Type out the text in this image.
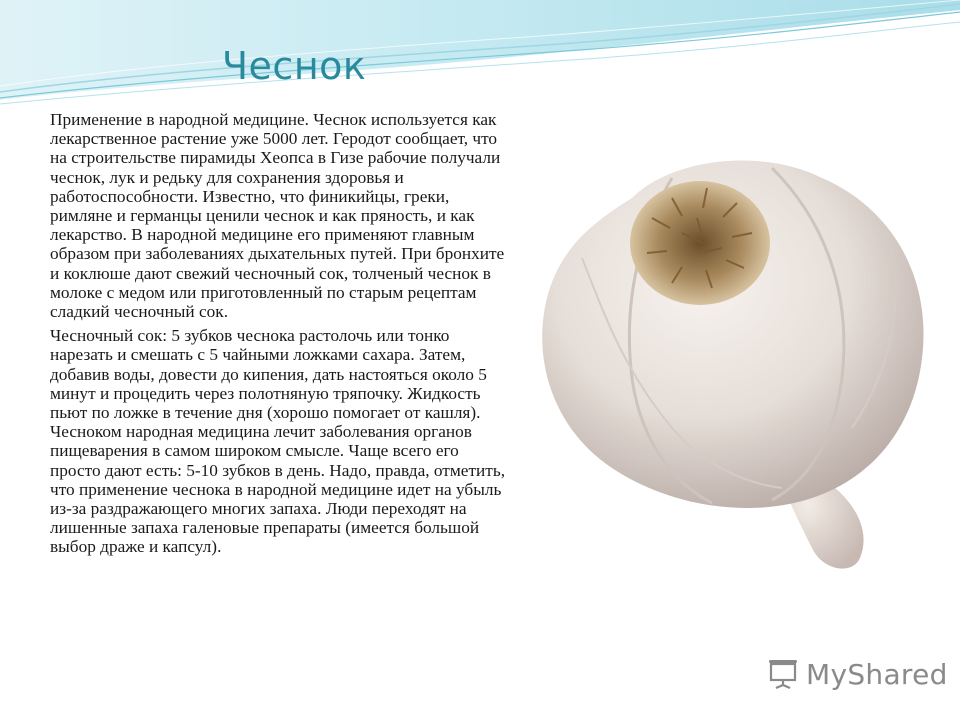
Чеснок

Применение в народной медицине. Чеснок используется как лекарственное растение уже 5000 лет. Геродот сообщает, что на строительстве пирамиды Хеопса в Гизе рабочие получали чеснок, лук и редьку для сохранения здоровья и работоспособности. Известно, что финикийцы, греки, римляне и германцы ценили чеснок и как пряность, и как лекарство. В народной медицине его применяют главным образом при заболеваниях дыхательных путей. При бронхите и коклюше дают свежий чесночный сок, толченый чеснок в молоке с медом или приготовленный по старым рецептам сладкий чесночный сок.

Чесночный сок: 5 зубков чеснока растолочь или тонко нарезать и смешать с 5 чайными ложками сахара. Затем, добавив воды, довести до кипения, дать настояться около 5 минут и процедить через полотняную тряпочку. Жидкость пьют по ложке в течение дня (хорошо помогает от кашля). Чесноком народная медицина лечит заболевания органов пищеварения в самом широком смысле. Чаще всего его просто дают есть: 5-10 зубков в день. Надо, правда, отметить, что применение чеснока в народной медицине идет на убыль из-за раздражающего многих запаха. Люди переходят на лишенные запаха галеновые препараты (имеется большой выбор драже и капсул).

MyShared
